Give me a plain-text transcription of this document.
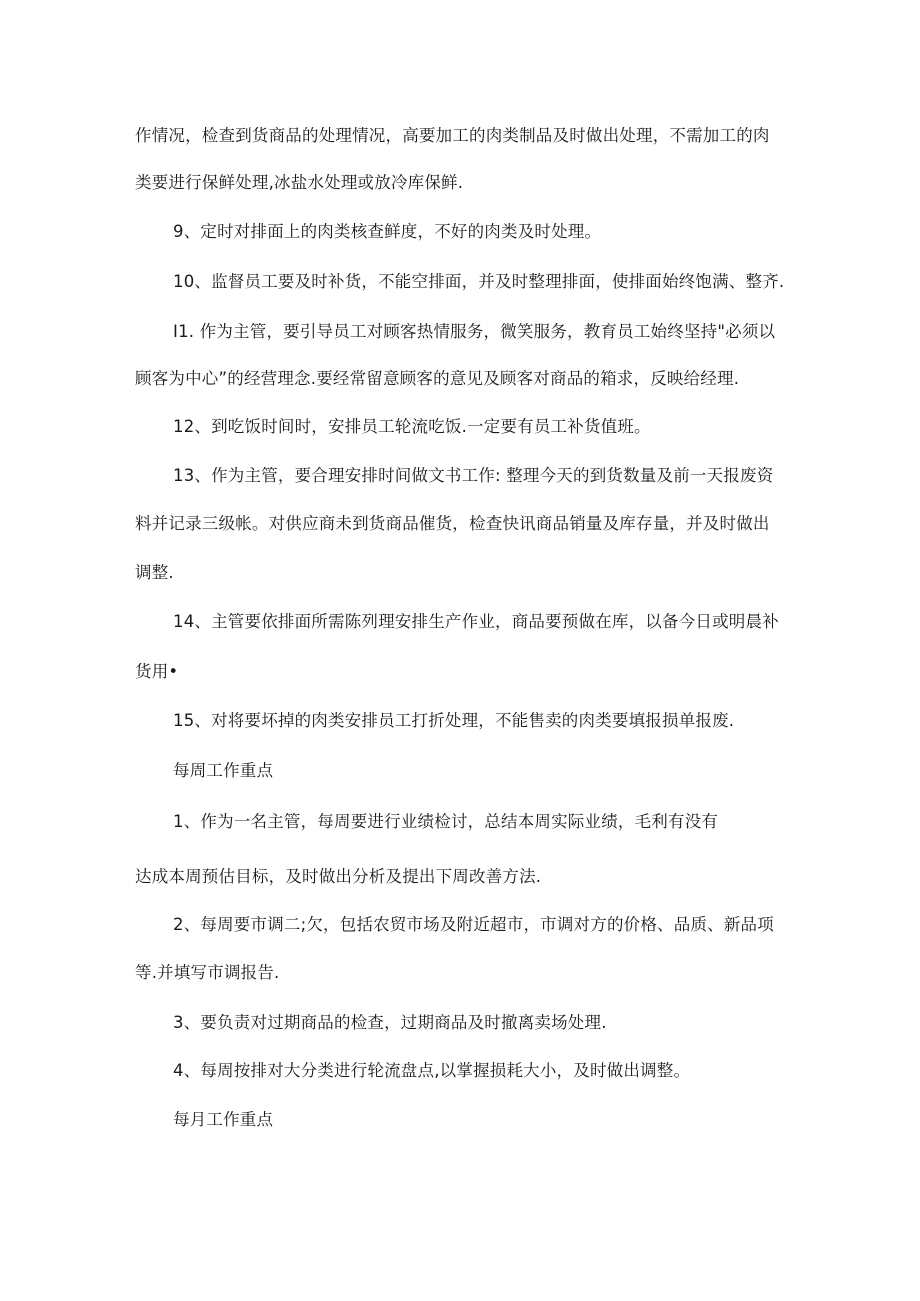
作情况，检查到货商品的处理情况，高要加工的肉类制品及时做出处理，不需加工的肉
类要进行保鲜处理,冰盐水处理或放冷库保鲜.
9、定时对排面上的肉类核查鲜度，不好的肉类及时处理。
10、监督员工要及时补货，不能空排面，并及时整理排面，使排面始终饱满、整齐.
I1. 作为主管，要引导员工对顾客热情服务，微笑服务，教育员工始终坚持"必须以
顾客为中心”的经营理念.要经常留意顾客的意见及顾客对商品的箱求，反映给经理.
12、到吃饭时间时，安排员工轮流吃饭.一定要有员工补货值班。
13、作为主管，要合理安排时间做文书工作: 整理今天的到货数量及前一天报废资
料并记录三级帐。对供应商未到货商品催货，检查快讯商品销量及库存量，并及时做出
调整.
14、主管要依排面所需陈列理安排生产作业，商品要预做在库，以备今日或明晨补
货用•
15、对将要坏掉的肉类安排员工打折处理，不能售卖的肉类要填报损单报废.
每周工作重点
1、作为一名主管，每周要进行业绩检讨，总结本周实际业绩，毛利有没有
达成本周预估目标，及时做出分析及提出下周改善方法.
2、每周要市调二;欠，包括农贸市场及附近超市，市调对方的价格、品质、新品项
等.并填写市调报告.
3、要负责对过期商品的检查，过期商品及时撤离卖场处理.
4、每周按排对大分类进行轮流盘点,以掌握损耗大小，及时做出调整。
每月工作重点
